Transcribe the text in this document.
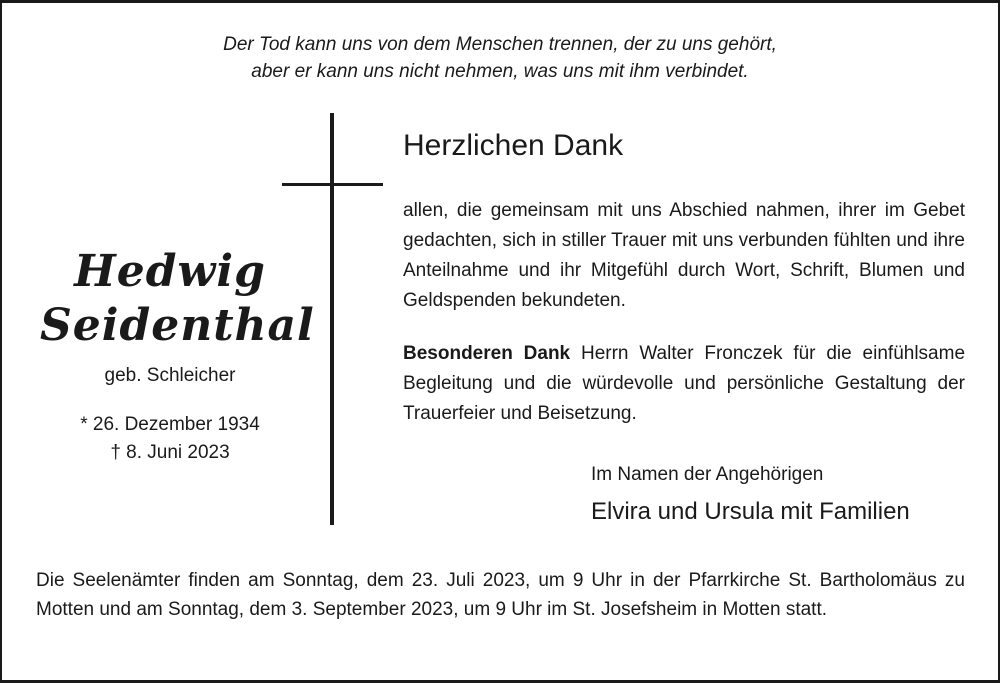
Der Tod kann uns von dem Menschen trennen, der zu uns gehört,
aber er kann uns nicht nehmen, was uns mit ihm verbindet.
Hedwig
Seidenthal
geb. Schleicher
* 26. Dezember 1934
† 8. Juni 2023
Herzlichen Dank
allen, die gemeinsam mit uns Abschied nahmen, ihrer im Gebet gedachten, sich in stiller Trauer mit uns verbunden fühlten und ihre Anteilnahme und ihr Mitgefühl durch Wort, Schrift, Blumen und Geldspenden bekundeten.
Besonderen Dank Herrn Walter Fronczek für die einfühlsame Begleitung und die würdevolle und persönliche Gestaltung der Trauerfeier und Beisetzung.
Im Namen der Angehörigen
Elvira und Ursula mit Familien
Die Seelenämter finden am Sonntag, dem 23. Juli 2023, um 9 Uhr in der Pfarrkirche St. Bartholomäus zu Motten und am Sonntag, dem 3. September 2023, um 9 Uhr im St. Josefsheim in Motten statt.
